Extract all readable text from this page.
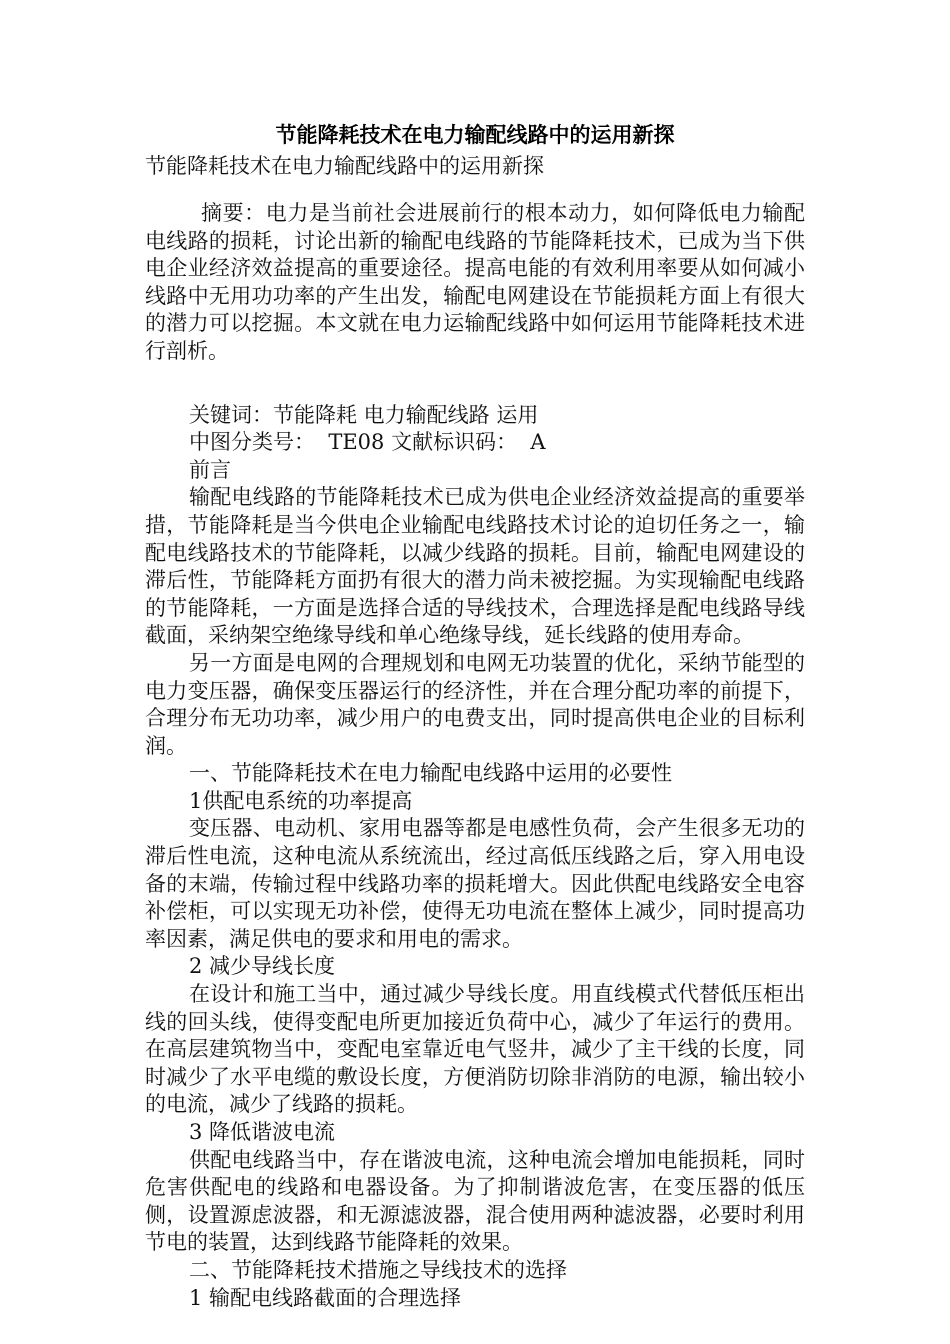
节能降耗技术在电力输配线路中的运用新探
节能降耗技术在电力输配线路中的运用新探

摘要：电力是当前社会进展前行的根本动力，如何降低电力输配电线路的损耗，讨论出新的输配电线路的节能降耗技术，已成为当下供电企业经济效益提高的重要途径。提高电能的有效利用率要从如何减小线路中无用功功率的产生出发，输配电网建设在节能损耗方面上有很大的潜力可以挖掘。本文就在电力运输配线路中如何运用节能降耗技术进行剖析。

关键词：节能降耗 电力输配线路 运用

中图分类号：  TE08 文献标识码：  A

前言

输配电线路的节能降耗技术已成为供电企业经济效益提高的重要举措，节能降耗是当今供电企业输配电线路技术讨论的迫切任务之一，输配电线路技术的节能降耗，以减少线路的损耗。目前，输配电网建设的滞后性，节能降耗方面扔有很大的潜力尚未被挖掘。为实现输配电线路的节能降耗，一方面是选择合适的导线技术，合理选择是配电线路导线截面，采纳架空绝缘导线和单心绝缘导线，延长线路的使用寿命。

另一方面是电网的合理规划和电网无功装置的优化，采纳节能型的电力变压器，确保变压器运行的经济性，并在合理分配功率的前提下，合理分布无功功率，减少用户的电费支出，同时提高供电企业的目标利润。

一、节能降耗技术在电力输配电线路中运用的必要性

1供配电系统的功率提高

变压器、电动机、家用电器等都是电感性负荷，会产生很多无功的滞后性电流，这种电流从系统流出，经过高低压线路之后，穿入用电设备的末端，传输过程中线路功率的损耗增大。因此供配电线路安全电容补偿柜，可以实现无功补偿，使得无功电流在整体上减少，同时提高功率因素，满足供电的要求和用电的需求。

2 减少导线长度

在设计和施工当中，通过减少导线长度。用直线模式代替低压柜出线的回头线，使得变配电所更加接近负荷中心，减少了年运行的费用。在高层建筑物当中，变配电室靠近电气竖井，减少了主干线的长度，同时减少了水平电缆的敷设长度，方便消防切除非消防的电源，输出较小的电流，减少了线路的损耗。

3 降低谐波电流

供配电线路当中，存在谐波电流，这种电流会增加电能损耗，同时危害供配电的线路和电器设备。为了抑制谐波危害，在变压器的低压侧，设置源虑波器，和无源滤波器，混合使用两种滤波器，必要时利用节电的装置，达到线路节能降耗的效果。

二、节能降耗技术措施之导线技术的选择

1 输配电线路截面的合理选择
